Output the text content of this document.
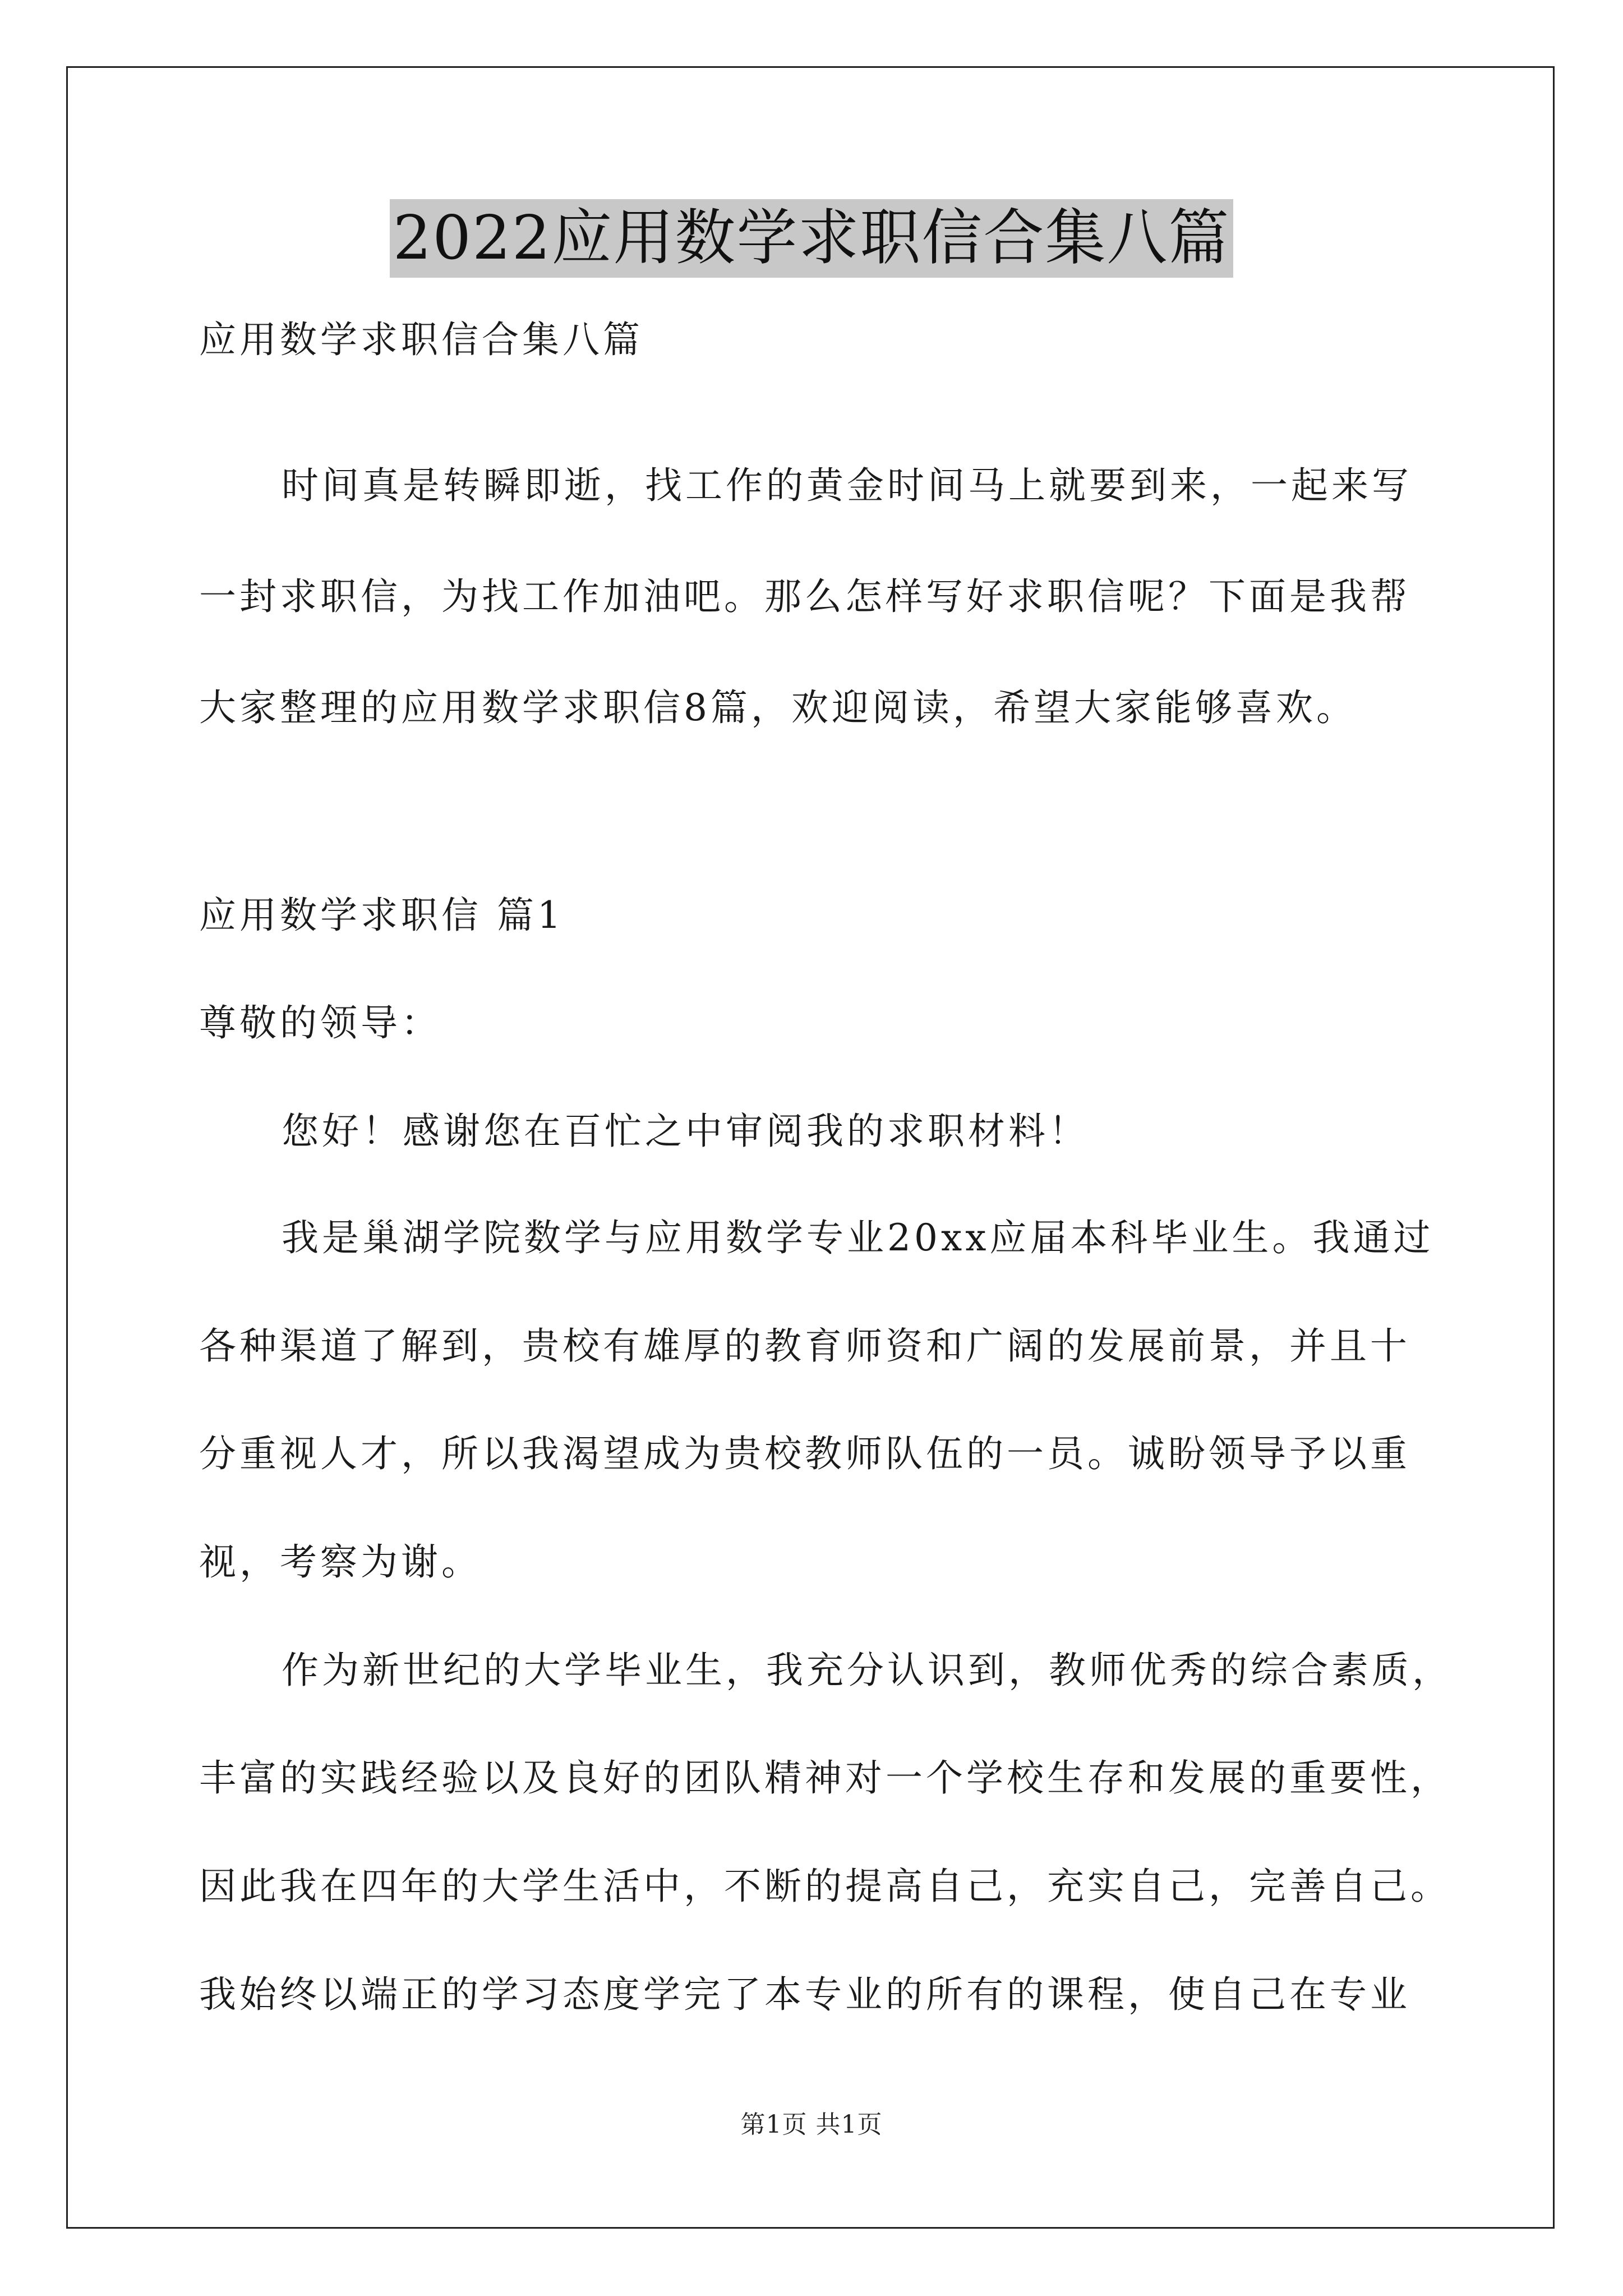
2022应用数学求职信合集八篇
应用数学求职信合集八篇
时间真是转瞬即逝，找工作的黄金时间马上就要到来，一起来写
一封求职信，为找工作加油吧。那么怎样写好求职信呢？下面是我帮
大家整理的应用数学求职信8篇，欢迎阅读，希望大家能够喜欢。
应用数学求职信 篇1
尊敬的领导：
您好！感谢您在百忙之中审阅我的求职材料！
我是巢湖学院数学与应用数学专业20xx应届本科毕业生。我通过
各种渠道了解到，贵校有雄厚的教育师资和广阔的发展前景，并且十
分重视人才，所以我渴望成为贵校教师队伍的一员。诚盼领导予以重
视，考察为谢。
作为新世纪的大学毕业生，我充分认识到，教师优秀的综合素质，
丰富的实践经验以及良好的团队精神对一个学校生存和发展的重要性，
因此我在四年的大学生活中，不断的提高自己，充实自己，完善自己。
我始终以端正的学习态度学完了本专业的所有的课程，使自己在专业
第1页 共1页
